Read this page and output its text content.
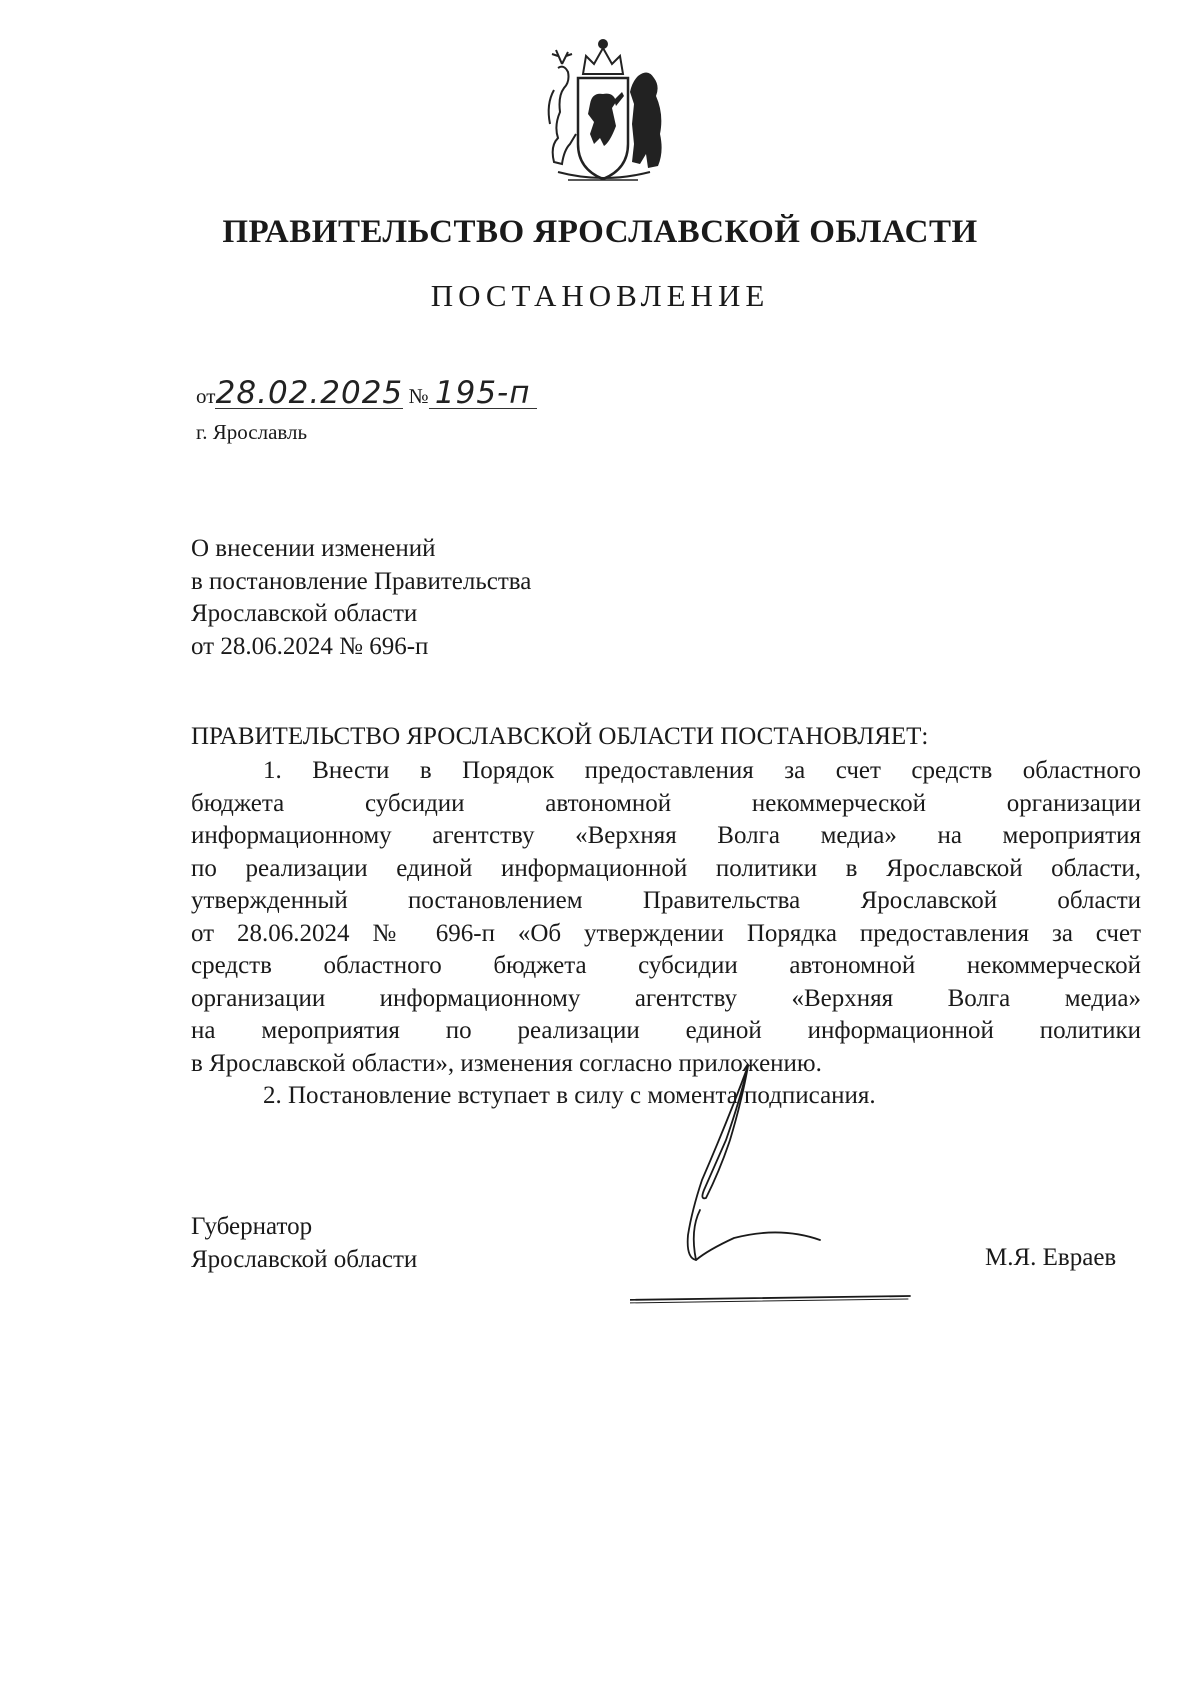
ПРАВИТЕЛЬСТВО ЯРОСЛАВСКОЙ ОБЛАСТИ
ПОСТАНОВЛЕНИЕ
от28.02.2025 № 195-п
г. Ярославль
О внесении изменений
в постановление Правительства
Ярославской области
от 28.06.2024 № 696-п
ПРАВИТЕЛЬСТВО ЯРОСЛАВСКОЙ ОБЛАСТИ ПОСТАНОВЛЯЕТ:
1. Внести в Порядок предоставления за счет средств областного
бюджета субсидии автономной некоммерческой организации
информационному агентству «Верхняя Волга медиа» на мероприятия
по реализации единой информационной политики в Ярославской области,
утвержденный постановлением Правительства Ярославской области
от 28.06.2024 № 696-п «Об утверждении Порядка предоставления за счет
средств областного бюджета субсидии автономной некоммерческой
организации информационному агентству «Верхняя Волга медиа»
на мероприятия по реализации единой информационной политики
в Ярославской области», изменения согласно приложению.
2. Постановление вступает в силу с момента подписания.
Губернатор
Ярославской области	М.Я. Евраев
